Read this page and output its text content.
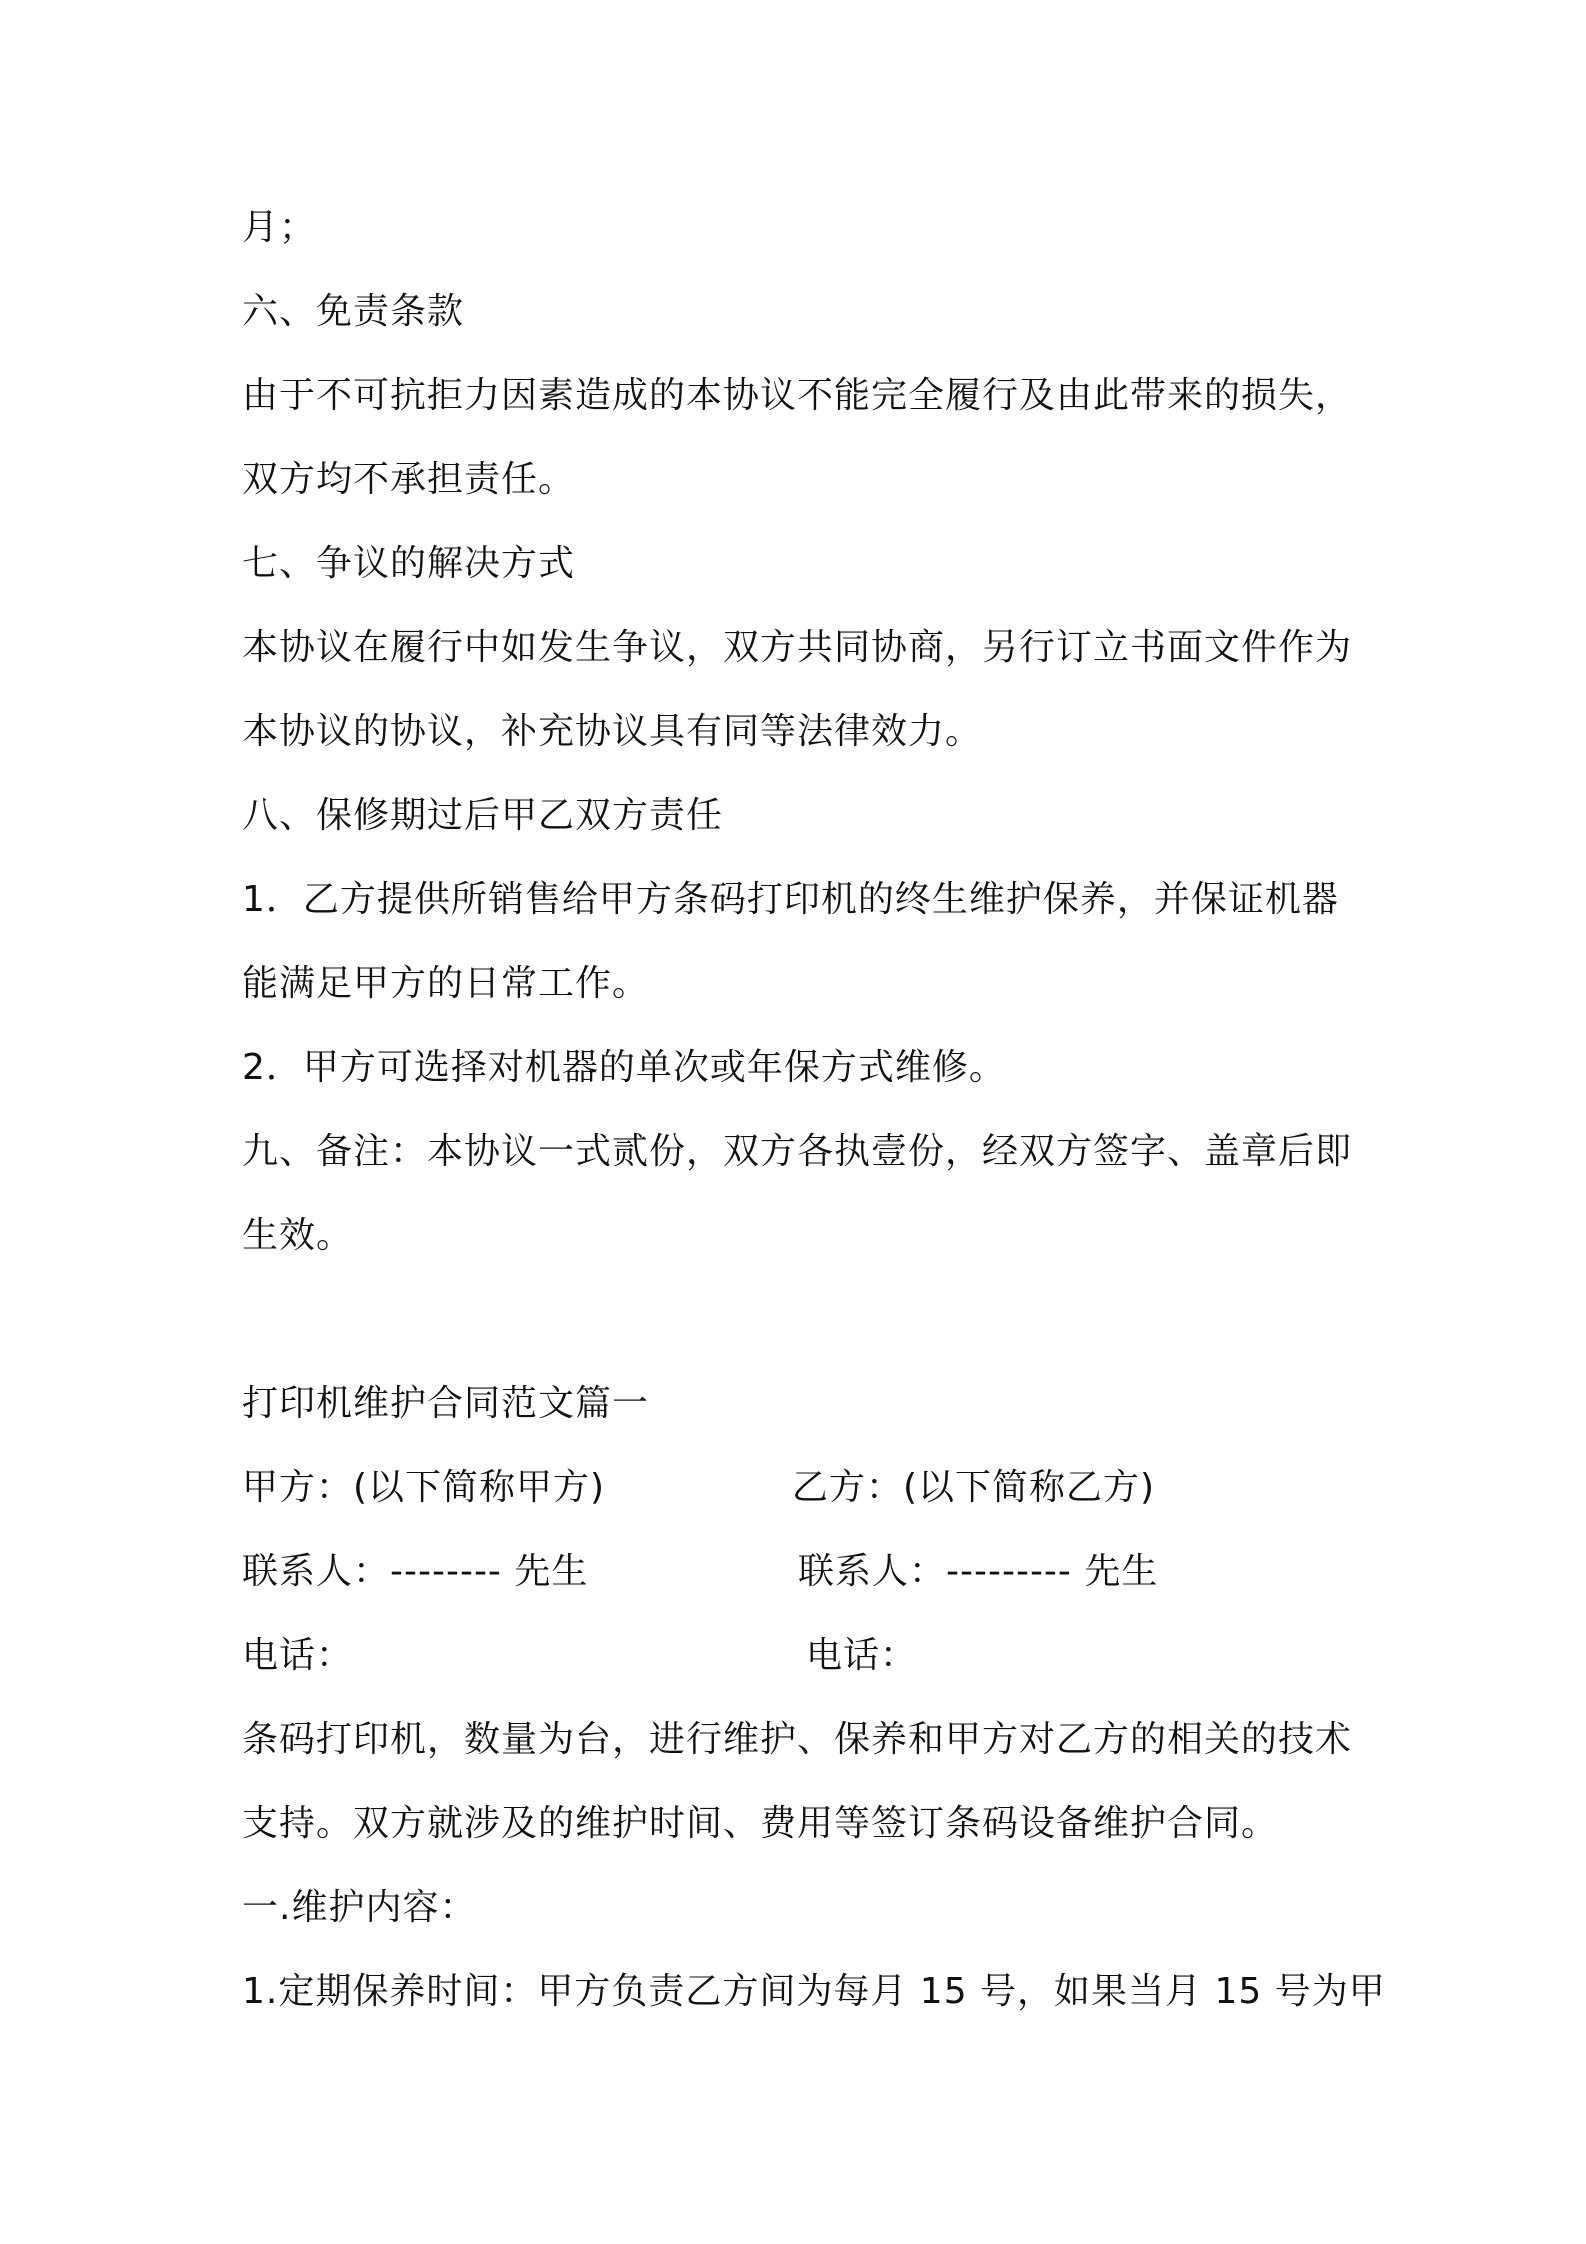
月；
六、免责条款
由于不可抗拒力因素造成的本协议不能完全履行及由此带来的损失，
双方均不承担责任。
七、争议的解决方式
本协议在履行中如发生争议，双方共同协商，另行订立书面文件作为
本协议的协议，补充协议具有同等法律效力。
八、保修期过后甲乙双方责任
1．乙方提供所销售给甲方条码打印机的终生维护保养，并保证机器
能满足甲方的日常工作。
2．甲方可选择对机器的单次或年保方式维修。
九、备注：本协议一式贰份，双方各执壹份，经双方签字、盖章后即
生效。
打印机维护合同范文篇一
甲方：(以下简称甲方)	乙方：(以下简称乙方)
联系人：-------- 先生	联系人：--------- 先生
电话：	电话：
条码打印机，数量为台，进行维护、保养和甲方对乙方的相关的技术
支持。双方就涉及的维护时间、费用等签订条码设备维护合同。
一.维护内容：
1.定期保养时间：甲方负责乙方间为每月 15 号，如果当月 15 号为甲
